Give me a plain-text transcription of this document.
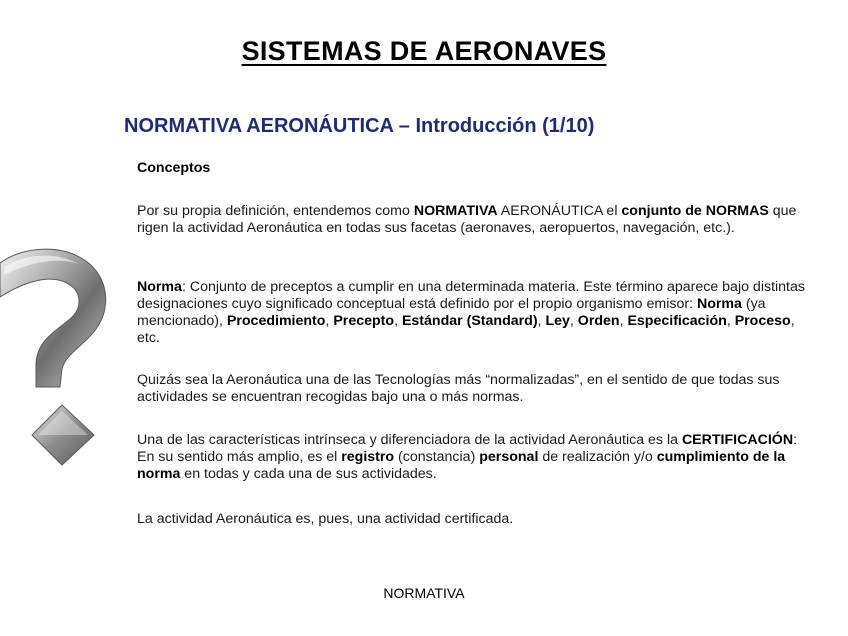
SISTEMAS DE AERONAVES
NORMATIVA AERONÁUTICA – Introducción (1/10)

Conceptos

Por su propia definición, entendemos como NORMATIVA AERONÁUTICA el conjunto de NORMAS que rigen la actividad Aeronáutica en todas sus facetas (aeronaves, aeropuertos, navegación, etc.).

Norma: Conjunto de preceptos a cumplir en una determinada materia. Este término aparece bajo distintas designaciones cuyo significado conceptual está definido por el propio organismo emisor: Norma (ya mencionado), Procedimiento, Precepto, Estándar (Standard), Ley, Orden, Especificación, Proceso, etc.

Quizás sea la Aeronáutica una de las Tecnologías más “normalizadas”, en el sentido de que todas sus actividades se encuentran recogidas bajo una o más normas.

Una de las características intrínseca y diferenciadora de la actividad Aeronáutica es la CERTIFICACIÓN: En su sentido más amplio, es el registro (constancia) personal de realización y/o cumplimiento de la norma en todas y cada una de sus actividades.

La actividad Aeronáutica es, pues, una actividad certificada.

NORMATIVA
